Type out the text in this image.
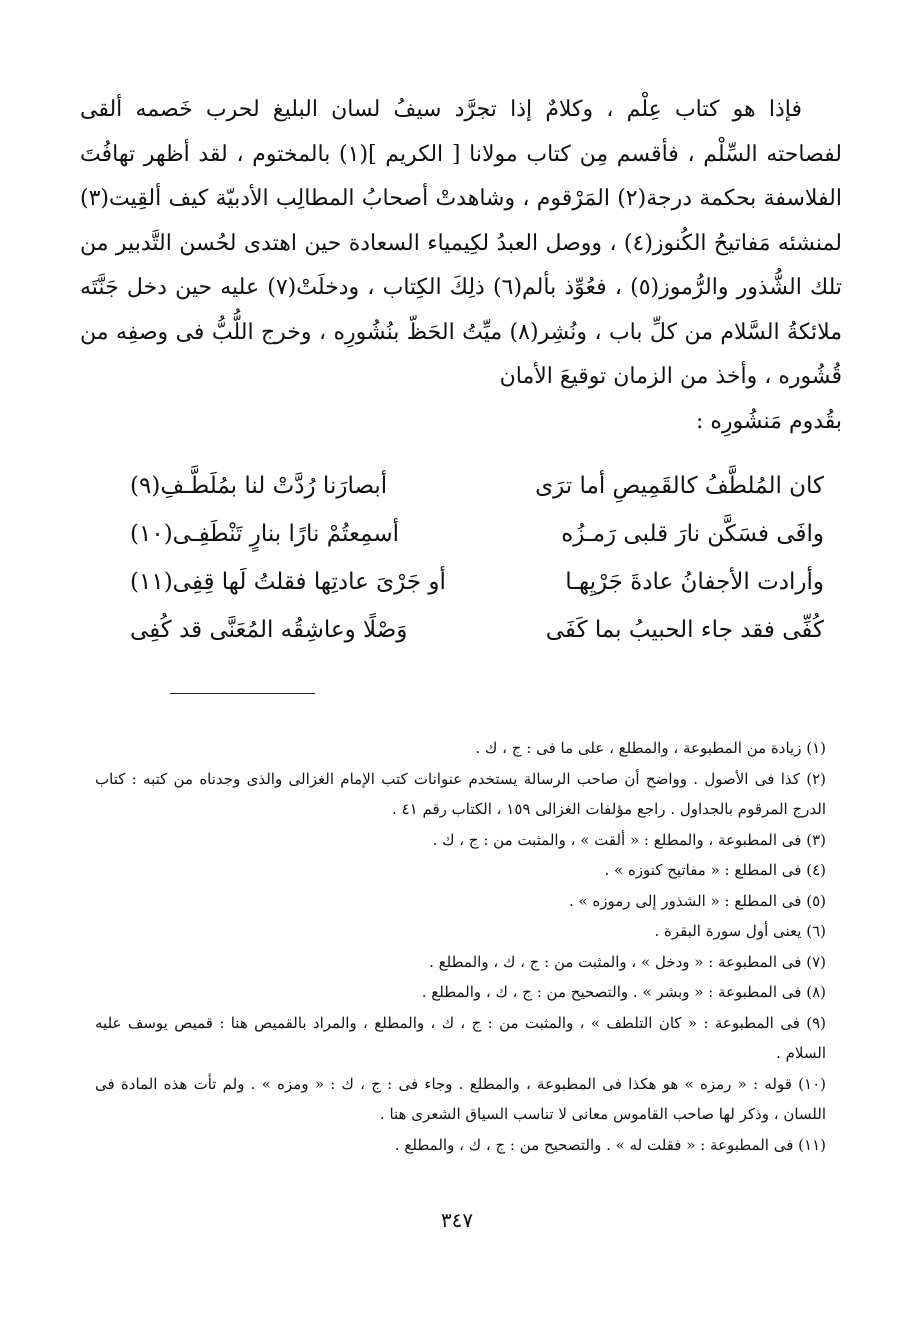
فإذا هو كتاب عِلْم ، وكلامٌ إذا تجرَّد سيفُ لسان البليغ لحرب خَصمه ألقى لفصاحته السِّلْم ، فأقسم مِن كتاب مولانا [ الكريم ](١) بالمختوم ، لقد أظهر تهافُتَ الفلاسفة بحكمة درجة(٢) المَرْقوم ، وشاهدتْ أصحابُ المطالِب الأدبيّة كيف ألقِيت(٣) لمنشئه مَفاتيحُ الكُنوز(٤) ، ووصل العبدُ لكِيمياء السعادة حين اهتدى لحُسن التَّدبير من تلك الشُّذور والرُّموز(٥) ، فعُوِّذ بألم(٦) ذلِكَ الكِتاب ، ودخلَتْ(٧) عليه حين دخل جَنَّتَه ملائكةُ السَّلام من كلِّ باب ، ونُشِر(٨) ميِّتُ الحَظّ بنُشُورِه ، وخرج اللُّبُّ فى وصفِه من قُشُوره ، وأخذ من الزمان توقيعَ الأمان

بقُدوم مَنشُورِه :
كان المُلطَّفُ كالقَمِيصِ أما ترَى
أبصارَنا رُدَّتْ لنا بمُلَطَّـفِ(٩)
وافَى فسَكَّن نارَ قلبى رَمـزُه
أسمِعتُمْ نارًا بنارٍ تَنْطَفِـى(١٠)
وأرادت الأجفانُ عادةَ جَرْيِهـا
أو جَرْىَ عادتِها فقلتُ لَها قِفِى(١١)
كُفِّى فقد جاء الحبيبُ بما كَفَى
وَصْلًا وعاشِقُه المُعَنَّى قد كُفِى

(١) زيادة من المطبوعة ، والمطلع ، على ما فى : ج ، ك .

(٢) كذا فى الأصول . وواضح أن صاحب الرسالة يستخدم عنوانات كتب الإمام الغزالى والذى وجدناه من كتبه : كتاب الدرج المرقوم بالجداول . راجع مؤلفات الغزالى ١٥٩ ، الكتاب رقم ٤١ .

(٣) فى المطبوعة ، والمطلع : « ألقت » ، والمثبت من : ج ، ك .

(٤) فى المطلع : « مفاتيح كنوزه » .

(٥) فى المطلع : « الشذور إلى رموزه » .

(٦) يعنى أول سورة البقرة .

(٧) فى المطبوعة : « ودخل » ، والمثبت من : ج ، ك ، والمطلع .

(٨) فى المطبوعة : « وبشر » . والتصحيح من : ج ، ك ، والمطلع .

(٩) فى المطبوعة : « كان التلطف » ، والمثبت من : ج ، ك ، والمطلع ، والمراد بالقميص هنا : قميص يوسف عليه السلام .

(١٠) قوله : « رمزه » هو هكذا فى المطبوعة ، والمطلع . وجاء فى : ج ، ك : « ومزه » . ولم تأت هذه المادة فى اللسان ، وذكر لها صاحب القاموس معانى لا تناسب السياق الشعرى هنا .

(١١) فى المطبوعة : « فقلت له » . والتصحيح من : ج ، ك ، والمطلع .

٣٤٧
